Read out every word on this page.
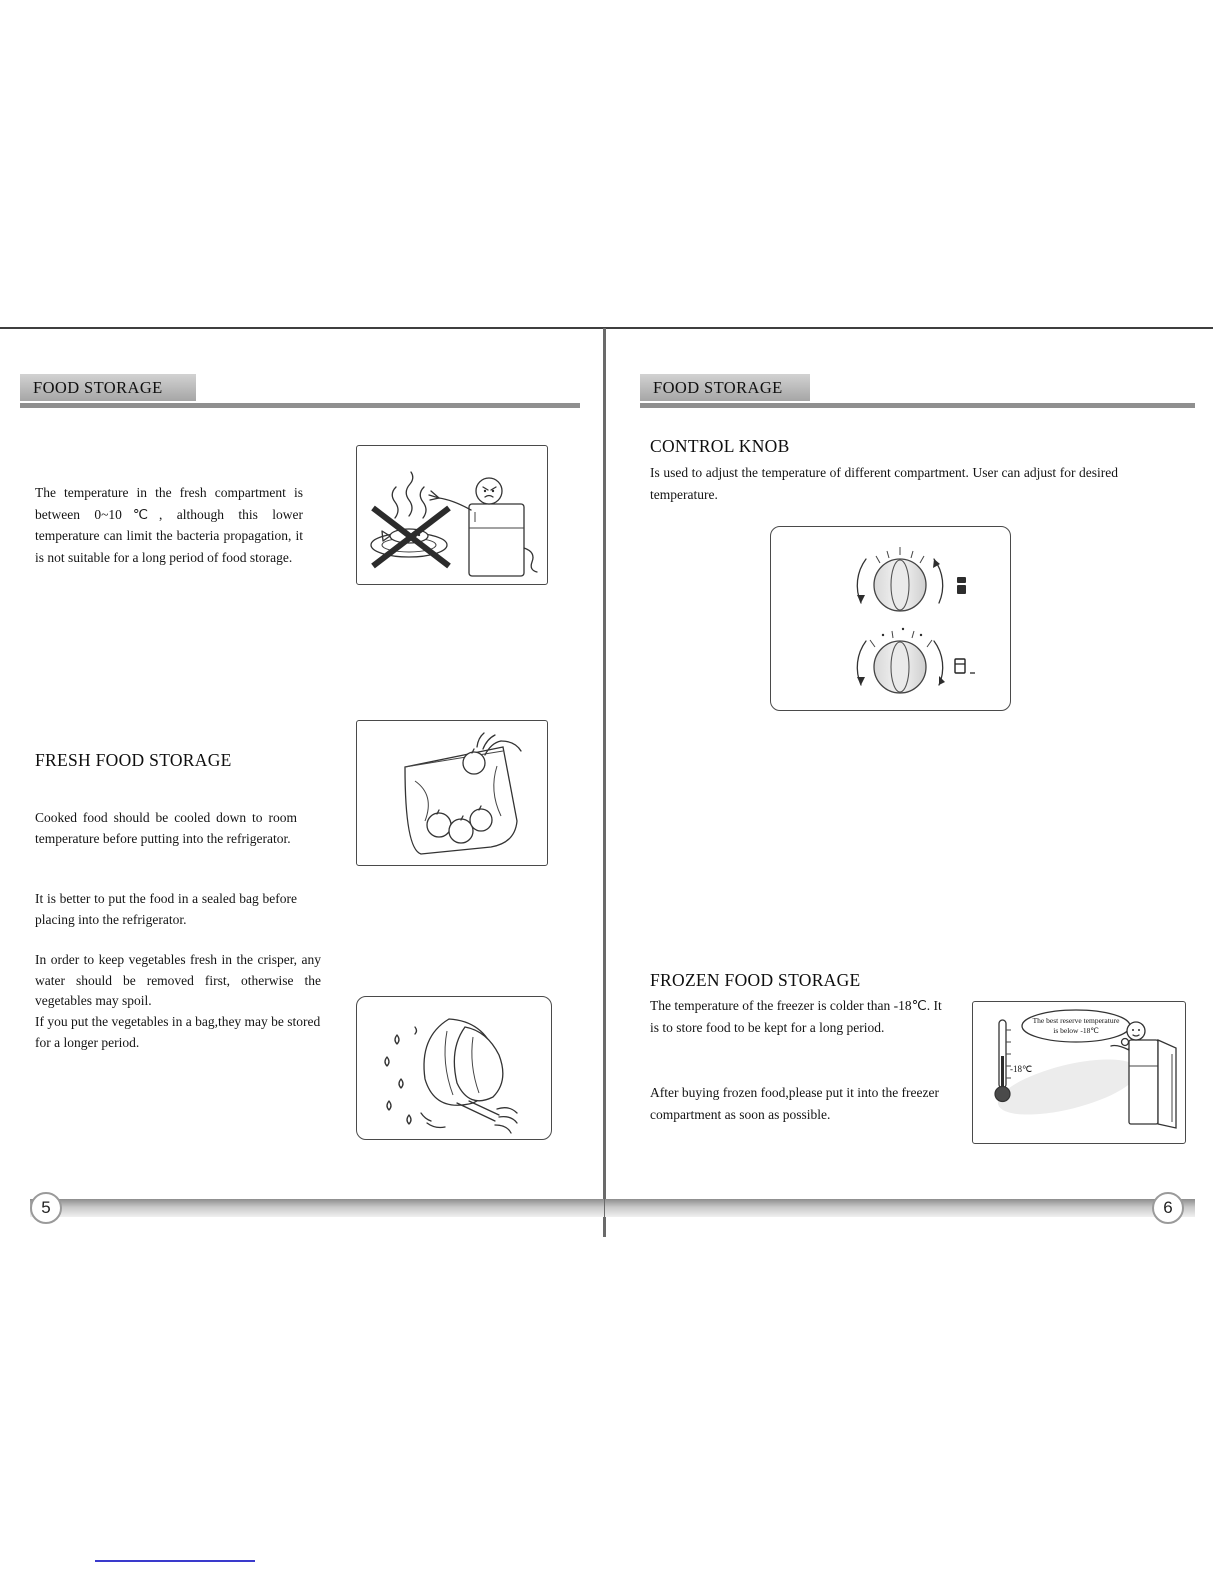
FOOD STORAGE
The temperature in the fresh compartment is between 0~10℃, although this lower temperature can limit the bacteria propagation, it is not suitable for a long period of food storage.
FRESH FOOD STORAGE
Cooked food should be cooled down to room temperature before putting into the refrigerator.
It is better to put the food in a sealed bag before placing into the refrigerator.
In order to keep vegetables fresh in the crisper, any water should be removed first, otherwise the vegetables may spoil.
If you put the vegetables in a bag,they may be stored for a longer period.
5
FOOD STORAGE
CONTROL KNOB
Is used to adjust the temperature of different compartment. User can adjust for desired temperature.
FROZEN FOOD STORAGE
The temperature of the freezer is colder than -18℃. It is to store food to be kept for a long period.
After buying frozen food,please put it into the freezer compartment as soon as possible.
The best reserve temperature
is below -18℃
-18℃
6
